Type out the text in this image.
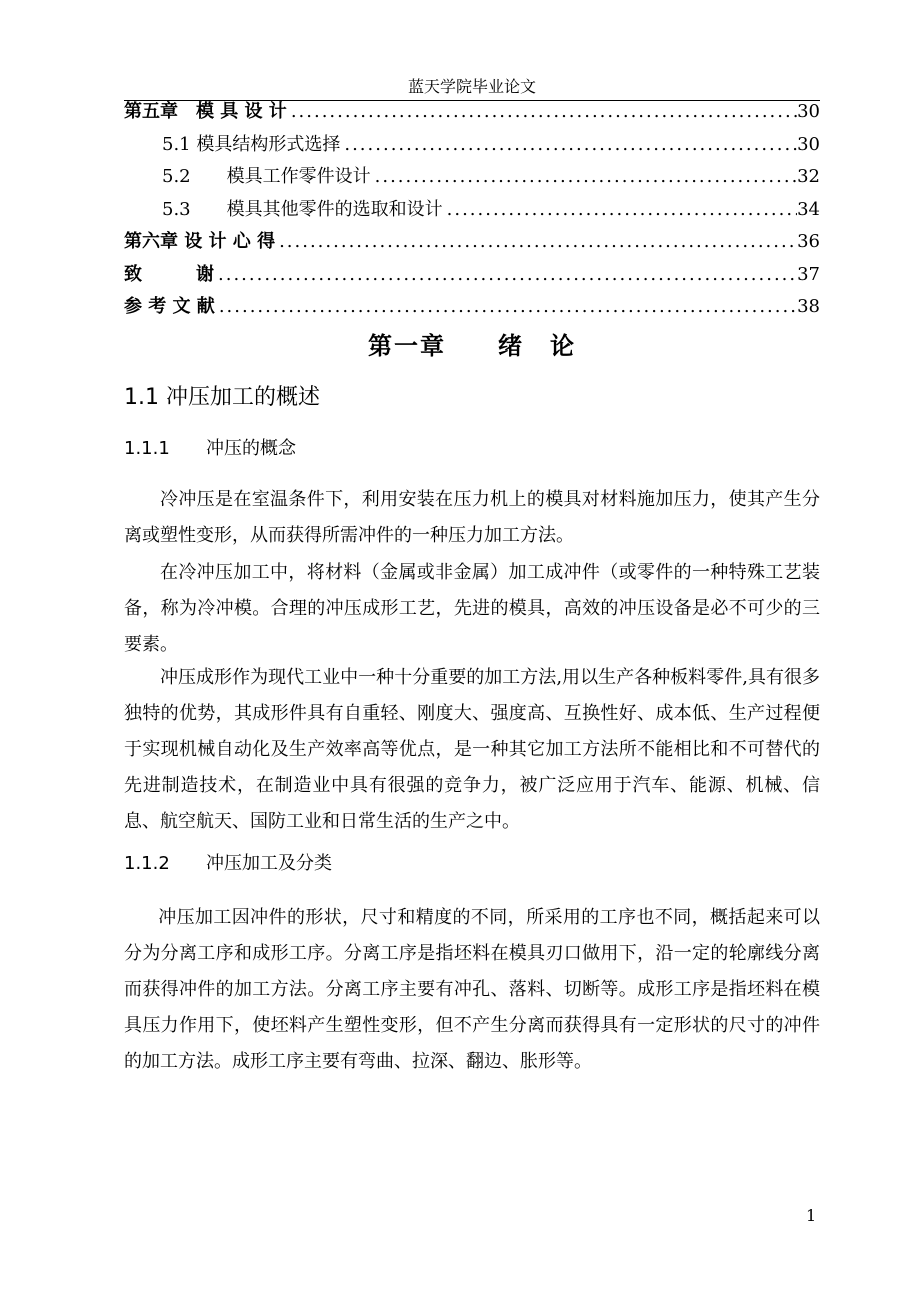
蓝天学院毕业论文
第五章　模 具 设 计 .....	30
5.1 模具结构形式选择 .....	30
5.2　　模具工作零件设计 .....	32
5.3　　模具其他零件的选取和设计 .....	34
第六章 设 计 心 得 .....	36
致　　　谢 .....	37
参 考 文 献 .....	38
第一章　　绪　论
1.1 冲压加工的概述
1.1.1 冲压的概念

冷冲压是在室温条件下，利用安装在压力机上的模具对材料施加压力，使其产生分离或塑性变形，从而获得所需冲件的一种压力加工方法。

在冷冲压加工中，将材料（金属或非金属）加工成冲件（或零件的一种特殊工艺装备，称为冷冲模。合理的冲压成形工艺，先进的模具，高效的冲压设备是必不可少的三要素。

冲压成形作为现代工业中一种十分重要的加工方法,用以生产各种板料零件,具有很多独特的优势，其成形件具有自重轻、刚度大、强度高、互换性好、成本低、生产过程便于实现机械自动化及生产效率高等优点，是一种其它加工方法所不能相比和不可替代的先进制造技术，在制造业中具有很强的竞争力，被广泛应用于汽车、能源、机械、信息、航空航天、国防工业和日常生活的生产之中。

1.1.2 冲压加工及分类

冲压加工因冲件的形状，尺寸和精度的不同，所采用的工序也不同，概括起来可以分为分离工序和成形工序。分离工序是指坯料在模具刃口做用下，沿一定的轮廓线分离而获得冲件的加工方法。分离工序主要有冲孔、落料、切断等。成形工序是指坯料在模具压力作用下，使坯料产生塑性变形，但不产生分离而获得具有一定形状的尺寸的冲件的加工方法。成形工序主要有弯曲、拉深、翻边、胀形等。

1
